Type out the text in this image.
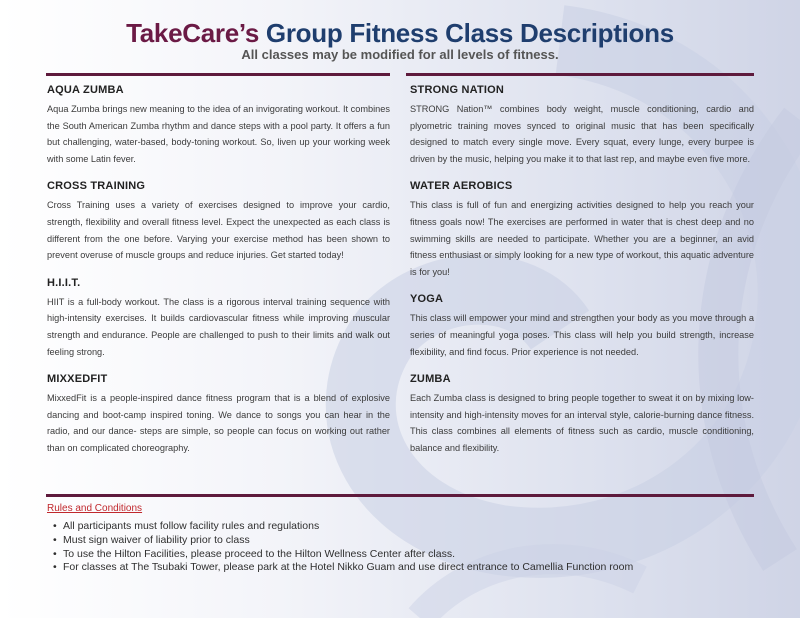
TakeCare’s Group Fitness Class Descriptions
All classes may be modified for all levels of fitness.
AQUA ZUMBA

Aqua Zumba brings new meaning to the idea of an invigorating workout. It combines the South American Zumba rhythm and dance steps with a pool party. It offers a fun but challenging, water-based, body-toning workout. So, liven up your working week with some Latin fever.

CROSS TRAINING

Cross Training uses a variety of exercises designed to improve your cardio, strength, flexibility and overall fitness level. Expect the unexpected as each class is different from the one before. Varying your exercise method has been shown to prevent overuse of muscle groups and reduce injuries. Get started today!

H.I.I.T.

HIIT is a full-body workout. The class is a rigorous interval training sequence with high-intensity exercises. It builds cardiovascular fitness while improving muscular strength and endurance. People are challenged to push to their limits and walk out feeling strong.

MIXXEDFIT

MixxedFit is a people-inspired dance fitness program that is a blend of explosive dancing and boot-camp inspired toning. We dance to songs you can hear in the radio, and our dance- steps are simple, so people can focus on working out rather than on complicated choreography.

STRONG NATION

STRONG Nation™ combines body weight, muscle conditioning, cardio and plyometric training moves synced to original music that has been specifically designed to match every single move. Every squat, every lunge, every burpee is driven by the music, helping you make it to that last rep, and maybe even five more.

WATER AEROBICS

This class is full of fun and energizing activities designed to help you reach your fitness goals now! The exercises are performed in water that is chest deep and no swimming skills are needed to participate. Whether you are a beginner, an avid fitness enthusiast or simply looking for a new type of workout, this aquatic adventure is for you!

YOGA

This class will empower your mind and strengthen your body as you move through a series of meaningful yoga poses. This class will help you build strength, increase flexibility, and find focus. Prior experience is not needed.

ZUMBA

Each Zumba class is designed to bring people together to sweat it on by mixing low-intensity and high-intensity moves for an interval style, calorie-burning dance fitness. This class combines all elements of fitness such as cardio, muscle conditioning, balance and flexibility.

Rules and Conditions
• All participants must follow facility rules and regulations
• Must sign waiver of liability prior to class
• To use the Hilton Facilities, please proceed to the Hilton Wellness Center after class.
• For classes at The Tsubaki Tower, please park at the Hotel Nikko Guam and use direct entrance to Camellia Function room
